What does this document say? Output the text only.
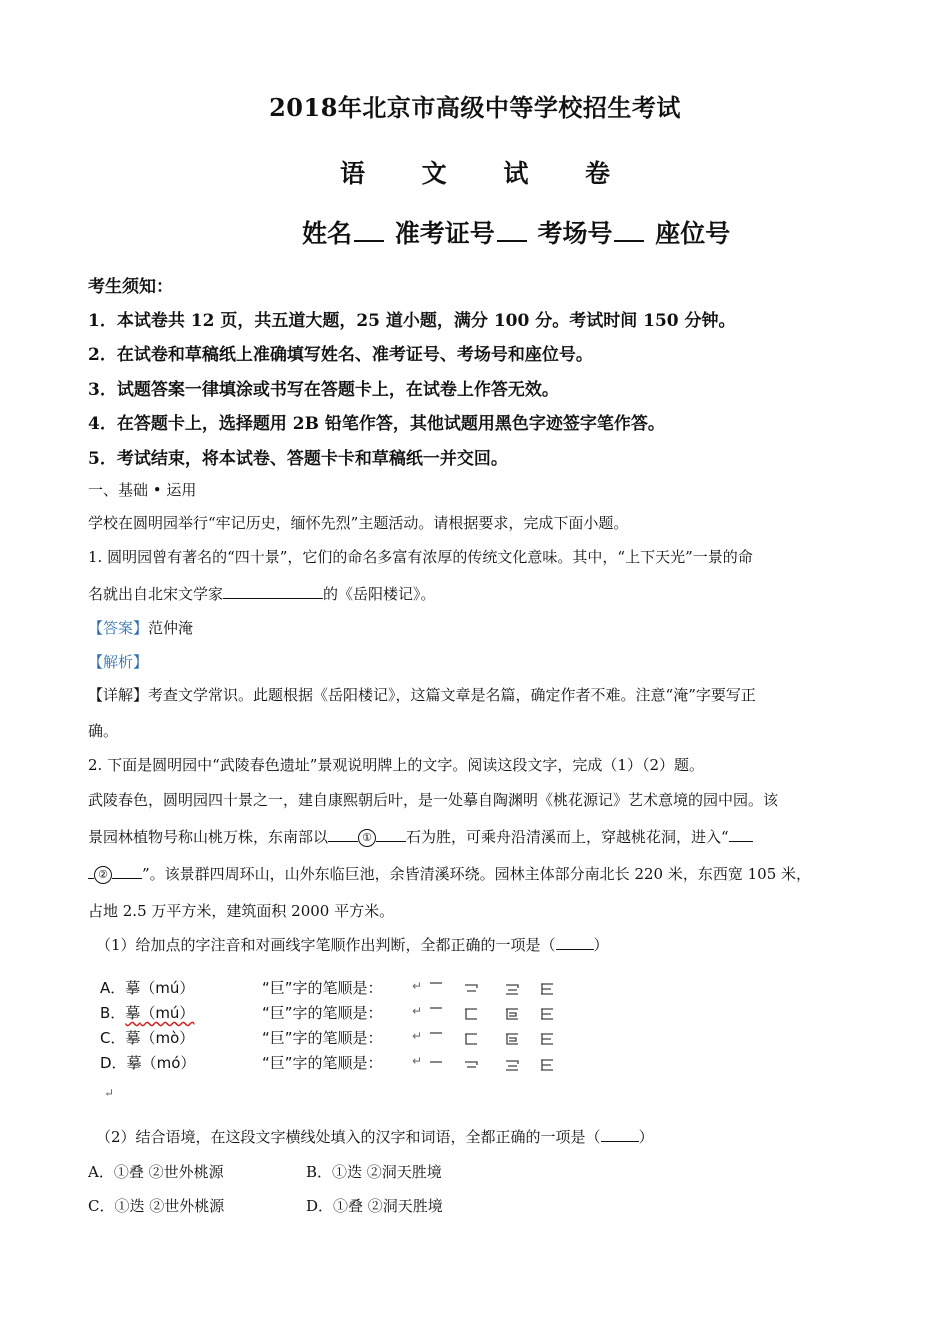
2018年北京市高级中等学校招生考试
语 文 试 卷
姓名 准考证号 考场号 座位号
考生须知：
1．本试卷共 12 页，共五道大题，25 道小题，满分 100 分。考试时间 150 分钟。
2．在试卷和草稿纸上准确填写姓名、准考证号、考场号和座位号。
3．试题答案一律填涂或书写在答题卡上，在试卷上作答无效。
4．在答题卡上，选择题用 2B 铅笔作答，其他试题用黑色字迹签字笔作答。
5．考试结束，将本试卷、答题卡卡和草稿纸一并交回。
一、基础 • 运用
学校在圆明园举行“牢记历史，缅怀先烈”主题活动。请根据要求，完成下面小题。
1. 圆明园曾有著名的“四十景”，它们的命名多富有浓厚的传统文化意味。其中，“上下天光”一景的命
名就出自北宋文学家	的《岳阳楼记》。
【答案】范仲淹
【解析】
【详解】考查文学常识。此题根据《岳阳楼记》，这篇文章是名篇，确定作者不难。注意“淹”字要写正
确。
2. 下面是圆明园中“武陵春色遗址”景观说明牌上的文字。阅读这段文字，完成（1）（2）题。
武陵春色，圆明园四十景之一，建自康熙朝后叶，是一处摹自陶渊明《桃花源记》艺术意境的园中园。该
景园林植物号称山桃万株，东南部以	① 石为胜，可乘舟沿清溪而上，穿越桃花洞，进入“
② ”。该景群四周环山，山外东临巨池，余皆清溪环绕。园林主体部分南北长 220 米，东西宽 105 米，
占地 2.5 万平方米，建筑面积 2000 平方米。
（1）给加点的字注音和对画线字笔顺作出判断，全都正确的一项是（	）
A．摹（mú）	“巨”字的笔顺是： ↵
B．摹（mú）	“巨”字的笔顺是： ↵
C．摹（mò）	“巨”字的笔顺是： ↵
D．摹（mó）	“巨”字的笔顺是： ↵
↵
（2）结合语境，在这段文字横线处填入的汉字和词语，全都正确的一项是（	）
A．①叠 ②世外桃源	B．①迭 ②洞天胜境
C．①迭 ②世外桃源	D．①叠 ②洞天胜境
